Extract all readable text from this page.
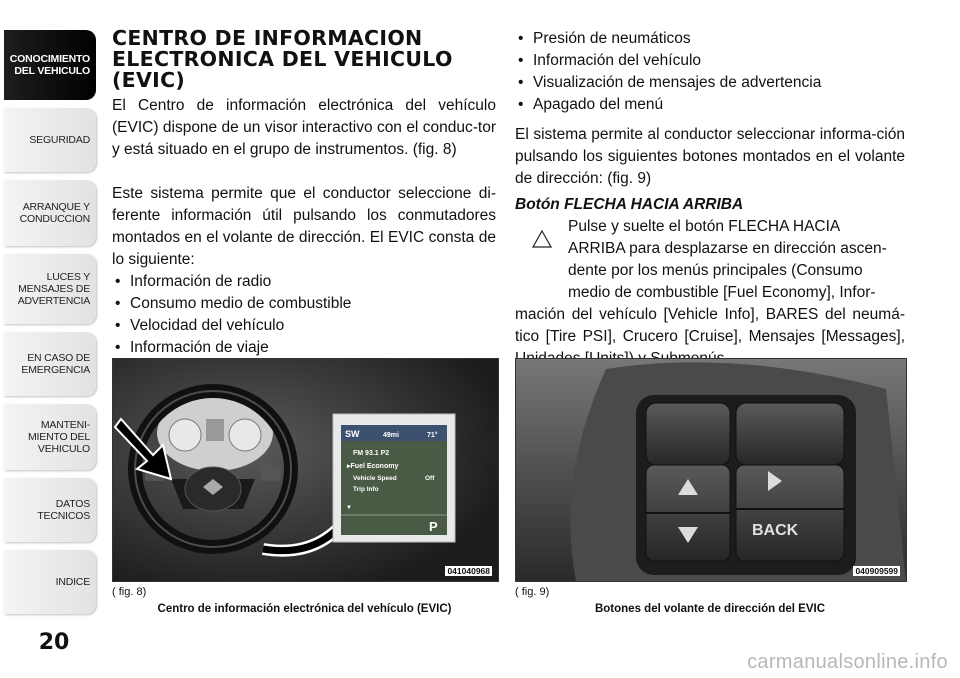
CONOCIMIENTO DEL VEHICULO
SEGURIDAD
ARRANQUE Y CONDUCCION
LUCES Y MENSAJES DE ADVERTENCIA
EN CASO DE EMERGENCIA
MANTENI-MIENTO DEL VEHICULO
DATOS TECNICOS
INDICE
20
CENTRO DE INFORMACION
ELECTRONICA DEL VEHICULO (EVIC)

El Centro de información electrónica del vehículo (EVIC) dispone de un visor interactivo con el conduc-tor y está situado en el grupo de instrumentos. (fig. 8)

Este sistema permite que el conductor seleccione di-ferente información útil pulsando los conmutadores montados en el volante de dirección. El EVIC consta de lo siguiente:

• Información de radio
• Consumo medio de combustible
• Velocidad del vehículo
• Información de viaje
• Presión de neumáticos
• Información del vehículo
• Visualización de mensajes de advertencia
• Apagado del menú

El sistema permite al conductor seleccionar informa-ción pulsando los siguientes botones montados en el volante de dirección: (fig. 9)

Botón FLECHA HACIA ARRIBA

Pulse y suelte el botón FLECHA HACIA

ARRIBA para desplazarse en dirección ascen-

dente por los menús principales (Consumo

medio de combustible [Fuel Economy], Infor-

mación del vehículo [Vehicle Info], BARES del neumá-tico [Tire PSI], Crucero [Cruise], Mensajes [Messages],

SW	49mi	71°
FM 93.1 P2
▸Fuel Economy
Vehicle Speed	Off
Trip Info
▼
P
041040968
( fig. 8)
Centro de información electrónica del vehículo (EVIC)
BACK
040909599
( fig. 9)
Botones del volante de dirección del EVIC
carmanualsonline.info
